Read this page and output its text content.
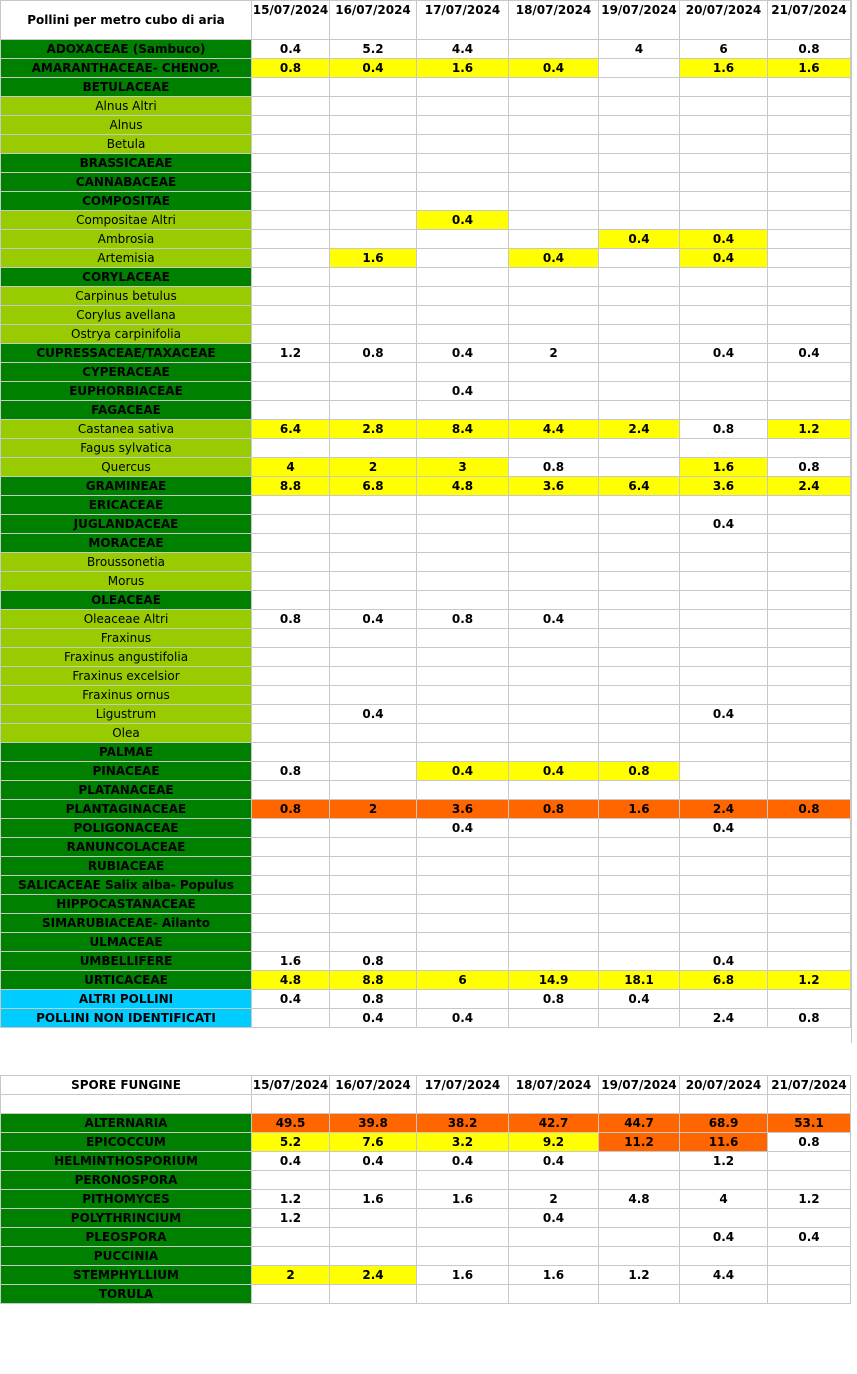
Pollini per metro cubo di aria	15/07/2024	16/07/2024	17/07/2024	18/07/2024	19/07/2024	20/07/2024	21/07/2024
ADOXACEAE (Sambuco)	0.4	5.2	4.4		4	6	0.8
AMARANTHACEAE- CHENOP.	0.8	0.4	1.6	0.4		1.6	1.6
BETULACEAE							
Alnus Altri							
Alnus							
Betula							
BRASSICAEAE							
CANNABACEAE							
COMPOSITAE							
Compositae Altri			0.4				
Ambrosia					0.4	0.4	
Artemisia		1.6		0.4		0.4	
CORYLACEAE							
Carpinus betulus							
Corylus avellana							
Ostrya carpinifolia							
CUPRESSACEAE/TAXACEAE	1.2	0.8	0.4	2		0.4	0.4
CYPERACEAE							
EUPHORBIACEAE			0.4				
FAGACEAE							
Castanea sativa	6.4	2.8	8.4	4.4	2.4	0.8	1.2
Fagus sylvatica							
Quercus	4	2	3	0.8		1.6	0.8
GRAMINEAE	8.8	6.8	4.8	3.6	6.4	3.6	2.4
ERICACEAE							
JUGLANDACEAE						0.4	
MORACEAE							
Broussonetia							
Morus							
OLEACEAE							
Oleaceae Altri	0.8	0.4	0.8	0.4			
Fraxinus							
Fraxinus angustifolia							
Fraxinus excelsior							
Fraxinus ornus							
Ligustrum		0.4				0.4	
Olea							
PALMAE							
PINACEAE	0.8		0.4	0.4	0.8		
PLATANACEAE							
PLANTAGINACEAE	0.8	2	3.6	0.8	1.6	2.4	0.8
POLIGONACEAE			0.4			0.4	
RANUNCOLACEAE							
RUBIACEAE							
SALICACEAE Salix alba- Populus							
HIPPOCASTANACEAE							
SIMARUBIACEAE- Ailanto							
ULMACEAE							
UMBELLIFERE	1.6	0.8				0.4	
URTICACEAE	4.8	8.8	6	14.9	18.1	6.8	1.2
ALTRI POLLINI	0.4	0.8		0.8	0.4		
POLLINI NON IDENTIFICATI		0.4	0.4			2.4	0.8
SPORE FUNGINE	15/07/2024	16/07/2024	17/07/2024	18/07/2024	19/07/2024	20/07/2024	21/07/2024

ALTERNARIA	49.5	39.8	38.2	42.7	44.7	68.9	53.1
EPICOCCUM	5.2	7.6	3.2	9.2	11.2	11.6	0.8
HELMINTHOSPORIUM	0.4	0.4	0.4	0.4		1.2	
PERONOSPORA							
PITHOMYCES	1.2	1.6	1.6	2	4.8	4	1.2
POLYTHRINCIUM	1.2			0.4			
PLEOSPORA						0.4	0.4
PUCCINIA							
STEMPHYLLIUM	2	2.4	1.6	1.6	1.2	4.4	
TORULA							
